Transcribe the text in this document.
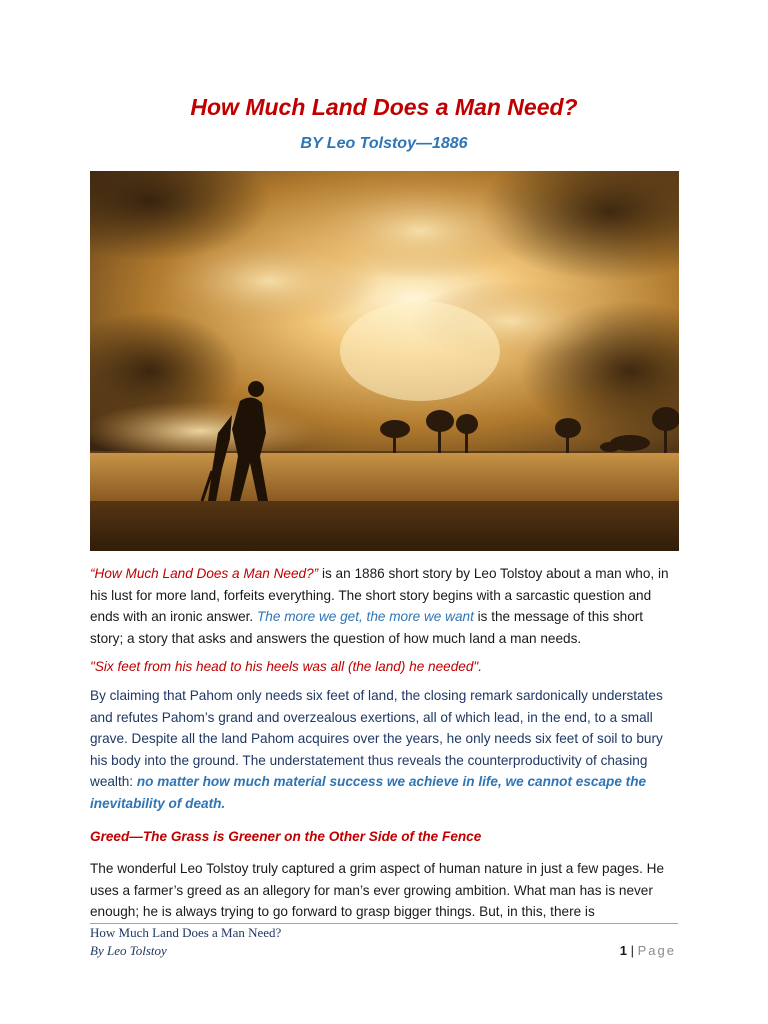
How Much Land Does a Man Need?
BY Leo Tolstoy—1886
“How Much Land Does a Man Need?” is an 1886 short story by Leo Tolstoy about a man who, in his lust for more land, forfeits everything. The short story begins with a sarcastic question and ends with an ironic answer. The more we get, the more we want is the message of this short story; a story that asks and answers the question of how much land a man needs.
"Six feet from his head to his heels was all (the land) he needed".
By claiming that Pahom only needs six feet of land, the closing remark sardonically understates and refutes Pahom’s grand and overzealous exertions, all of which lead, in the end, to a small grave. Despite all the land Pahom acquires over the years, he only needs six feet of soil to bury his body into the ground. The understatement thus reveals the counterproductivity of chasing wealth: no matter how much material success we achieve in life, we cannot escape the inevitability of death.
Greed—The Grass is Greener on the Other Side of the Fence
The wonderful Leo Tolstoy truly captured a grim aspect of human nature in just a few pages. He uses a farmer’s greed as an allegory for man’s ever growing ambition. What man has is never enough; he is always trying to go forward to grasp bigger things. But, in this, there is
How Much Land Does a Man Need?
By Leo Tolstoy	1 | Page
